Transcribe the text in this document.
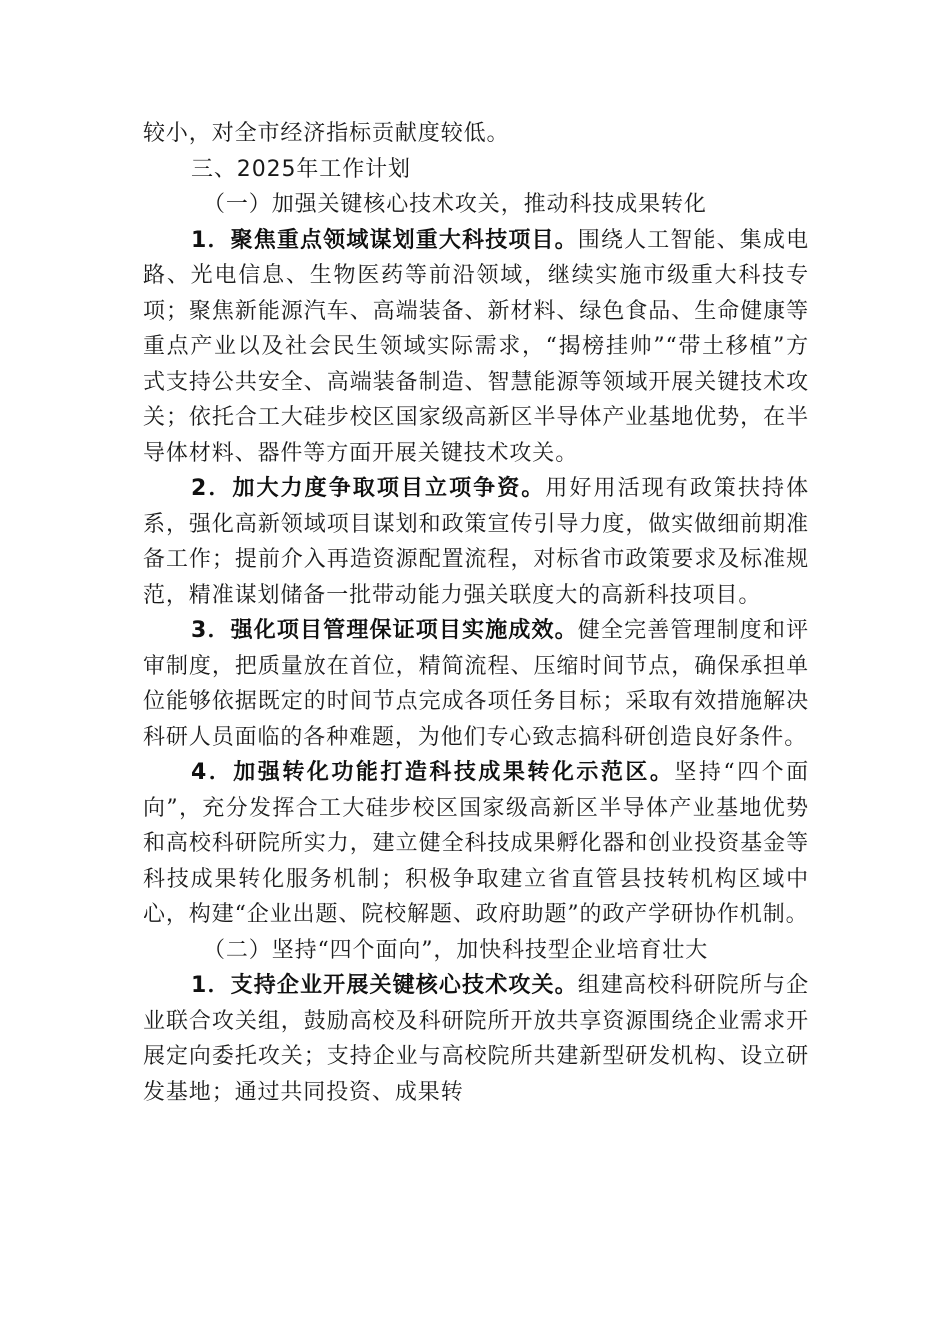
较小，对全市经济指标贡献度较低。

三、2025年工作计划

（一）加强关键核心技术攻关，推动科技成果转化

1．聚焦重点领域谋划重大科技项目。围绕人工智能、集成电路、光电信息、生物医药等前沿领域，继续实施市级重大科技专项；聚焦新能源汽车、高端装备、新材料、绿色食品、生命健康等重点产业以及社会民生领域实际需求，“揭榜挂帅”“带土移植”方式支持公共安全、高端装备制造、智慧能源等领域开展关键技术攻关；依托合工大硅步校区国家级高新区半导体产业基地优势，在半导体材料、器件等方面开展关键技术攻关。

2．加大力度争取项目立项争资。用好用活现有政策扶持体系，强化高新领域项目谋划和政策宣传引导力度，做实做细前期准备工作；提前介入再造资源配置流程，对标省市政策要求及标准规范，精准谋划储备一批带动能力强关联度大的高新科技项目。

3．强化项目管理保证项目实施成效。健全完善管理制度和评审制度，把质量放在首位，精简流程、压缩时间节点，确保承担单位能够依据既定的时间节点完成各项任务目标；采取有效措施解决科研人员面临的各种难题，为他们专心致志搞科研创造良好条件。

4．加强转化功能打造科技成果转化示范区。坚持“四个面向”，充分发挥合工大硅步校区国家级高新区半导体产业基地优势和高校科研院所实力，建立健全科技成果孵化器和创业投资基金等科技成果转化服务机制；积极争取建立省直管县技转机构区域中心，构建“企业出题、院校解题、政府助题”的政产学研协作机制。

（二）坚持“四个面向”，加快科技型企业培育壮大

1．支持企业开展关键核心技术攻关。组建高校科研院所与企业联合攻关组，鼓励高校及科研院所开放共享资源围绕企业需求开展定向委托攻关；支持企业与高校院所共建新型研发机构、设立研发基地；通过共同投资、成果转
